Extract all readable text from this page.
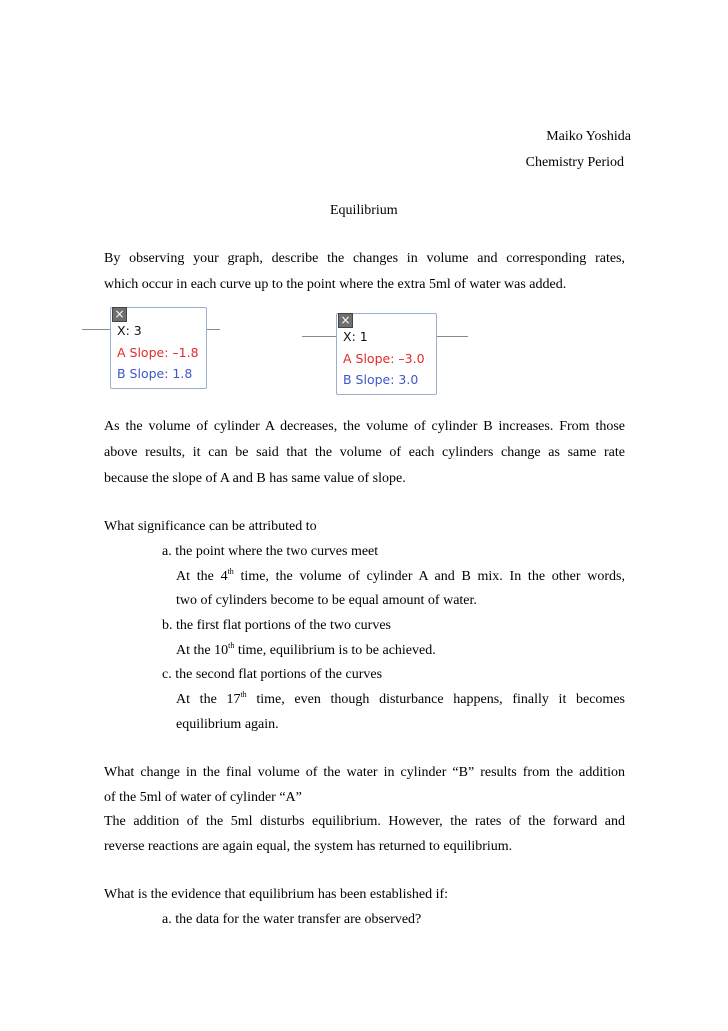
Maiko Yoshida
Chemistry Period
Equilibrium
By observing your graph, describe the changes in volume and corresponding rates,
which occur in each curve up to the point where the extra 5ml of water was added.
×
X: 3
A Slope: –1.8
B Slope: 1.8
×
X: 1
A Slope: –3.0
B Slope: 3.0
As the volume of cylinder A decreases, the volume of cylinder B increases. From those
above results, it can be said that the volume of each cylinders change as same rate
because the slope of A and B has same value of slope.
What significance can be attributed to
a. the point where the two curves meet
At the 4th time, the volume of cylinder A and B mix. In the other words,
two of cylinders become to be equal amount of water.
b. the first flat portions of the two curves
At the 10th time, equilibrium is to be achieved.
c. the second flat portions of the curves
At the 17th time, even though disturbance happens, finally it becomes
equilibrium again.
What change in the final volume of the water in cylinder “B” results from the addition
of the 5ml of water of cylinder “A”
The addition of the 5ml disturbs equilibrium. However, the rates of the forward and
reverse reactions are again equal, the system has returned to equilibrium.
What is the evidence that equilibrium has been established if:
a. the data for the water transfer are observed?
